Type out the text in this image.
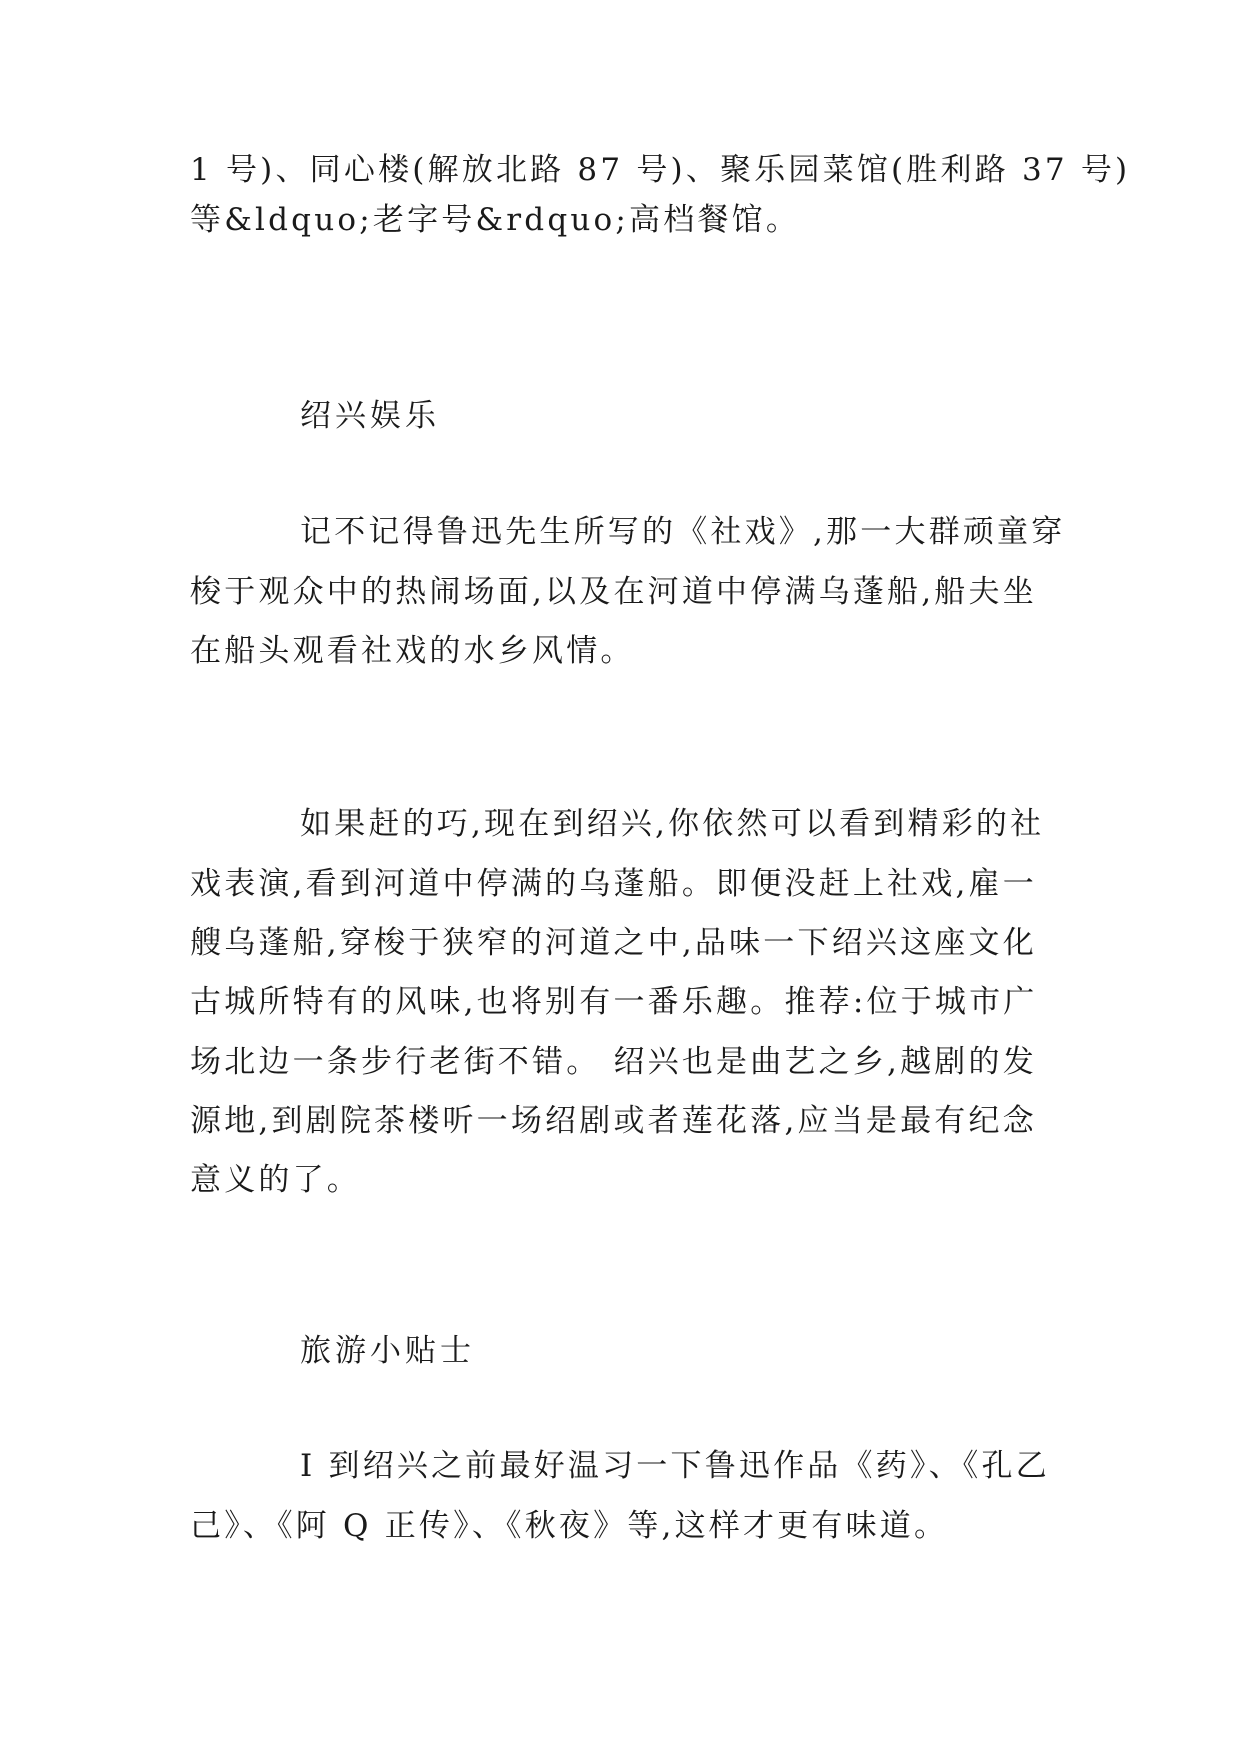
1 号)、同心楼(解放北路 87 号)、聚乐园菜馆(胜利路 37 号)
等&ldquo;老字号&rdquo;高档餐馆。
绍兴娱乐
记不记得鲁迅先生所写的《社戏》,那一大群顽童穿
梭于观众中的热闹场面,以及在河道中停满乌蓬船,船夫坐
在船头观看社戏的水乡风情。
如果赶的巧,现在到绍兴,你依然可以看到精彩的社
戏表演,看到河道中停满的乌蓬船。即便没赶上社戏,雇一
艘乌蓬船,穿梭于狭窄的河道之中,品味一下绍兴这座文化
古城所特有的风味,也将别有一番乐趣。推荐:位于城市广
场北边一条步行老街不错。 绍兴也是曲艺之乡,越剧的发
源地,到剧院茶楼听一场绍剧或者莲花落,应当是最有纪念
意义的了。
旅游小贴士
Ⅰ 到绍兴之前最好温习一下鲁迅作品《药》、《孔乙
己》、《阿 Q 正传》、《秋夜》等,这样才更有味道。
